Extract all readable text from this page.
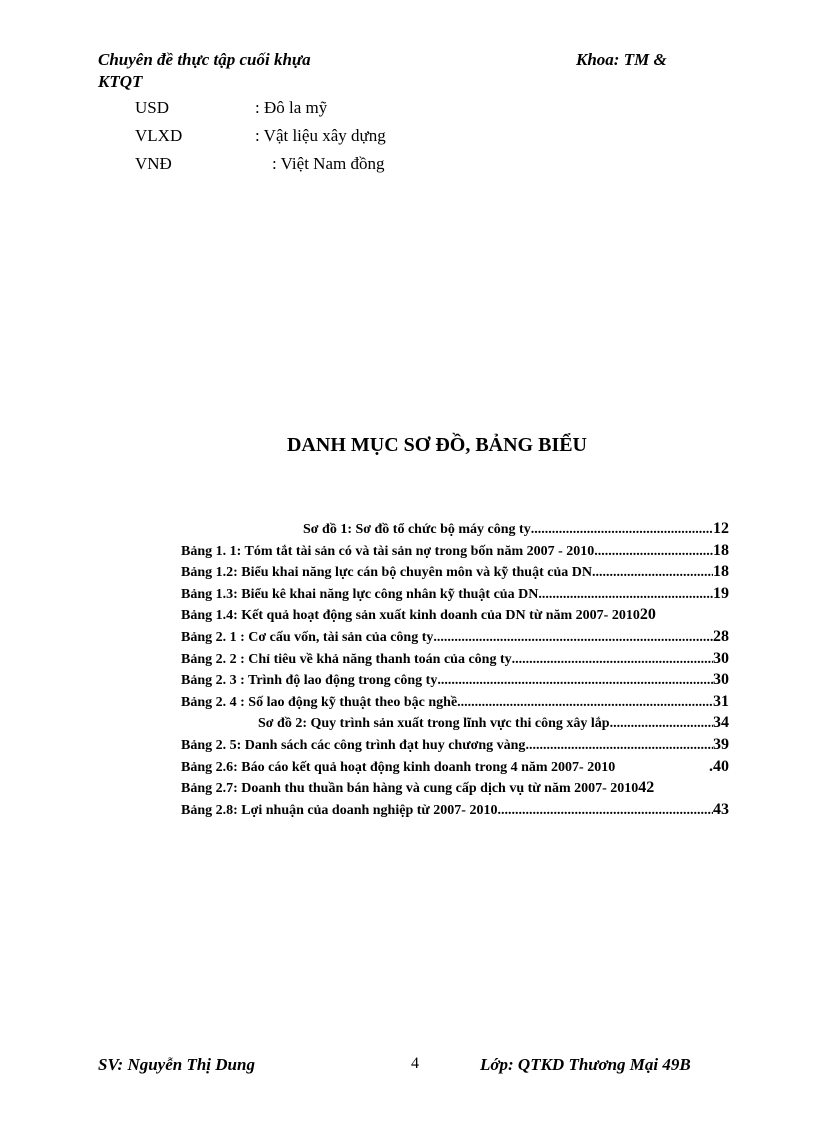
Chuyên đề thực tập cuối khựa	Khoa: TM &
KTQT
USD	: Đô la mỹ
VLXD	: Vật liệu xây dựng
VNĐ	: Việt Nam đồng
DANH MỤC SƠ ĐỒ, BẢNG BIỂU
Sơ đồ 1: Sơ đồ tổ chức bộ máy công ty .....	12
Bảng 1. 1: Tóm tắt tài sản có và tài sản nợ trong bốn năm 2007 - 2010 .....	18
Bảng 1.2: Biểu khai năng lực cán bộ chuyên môn và kỹ thuật của DN .....	18
Bảng 1.3: Biểu kê khai năng lực công nhân kỹ thuật của DN .....	19
Bảng 1.4: Kết quả hoạt động sản xuất kinh doanh của DN từ năm 2007- 2010 20
Bảng 2. 1 : Cơ cấu vốn, tài sản của công ty .....	28
Bảng 2. 2 : Chỉ tiêu về khả năng thanh toán của công ty .....	30
Bảng 2. 3 : Trình độ lao động trong công ty .....	30
Bảng 2. 4 : Số lao động kỹ thuật theo bậc nghề .....	31
Sơ đồ 2: Quy trình sản xuất trong lĩnh vực thi công xây lắp .....	34
Bảng 2. 5: Danh sách các công trình đạt huy chương vàng .....	39
Bảng 2.6: Báo cáo kết quả hoạt động kinh doanh trong 4 năm 2007- 2010	.40
Bảng 2.7: Doanh thu thuần bán hàng và cung cấp dịch vụ từ năm 2007- 2010 42
Bảng 2.8: Lợi nhuận của doanh nghiệp từ 2007- 2010 .....	43
SV: Nguyễn Thị Dung	4	Lớp: QTKD Thương Mại 49B
